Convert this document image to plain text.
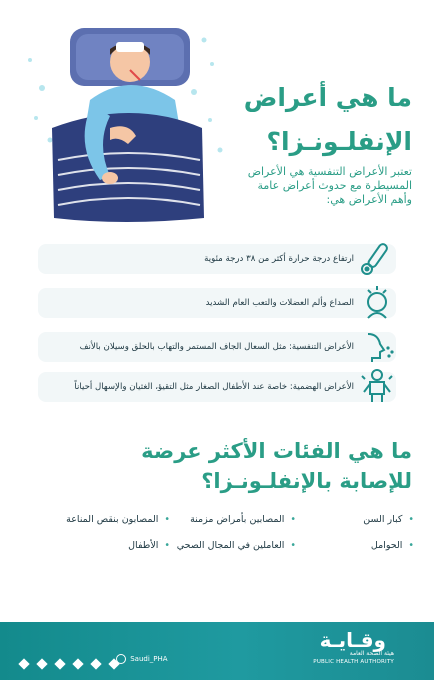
ما هي أعراض الإنفلـونـزا؟
تعتبر الأعراض التنفسية هي الأعراض المسيطرة مع حدوث أعراض عامة وأهم الأعراض هي:
ارتفاع درجة حرارة أكثر من ٣٨ درجة مئوية
الصداع وألم العضلات والتعب العام الشديد
الأعراض التنفسية: مثل السعال الجاف المستمر والتهاب بالحلق وسيلان بالأنف
الأعراض الهضمية: خاصة عند الأطفال الصغار مثل التقيؤ، الغثيان والإسهال أحياناً
ما هي الفئات الأكثر عرضة للإصابة بالإنفلـونـزا؟
•كبار السن
•المصابين بأمراض مزمنة
•المصابون بنقص المناعة
•الحوامل
•العاملين في المجال الصحي
•الأطفال
وقـايـة
هيئة الصحة العامة
PUBLIC HEALTH AUTHORITY
Saudi_PHA
